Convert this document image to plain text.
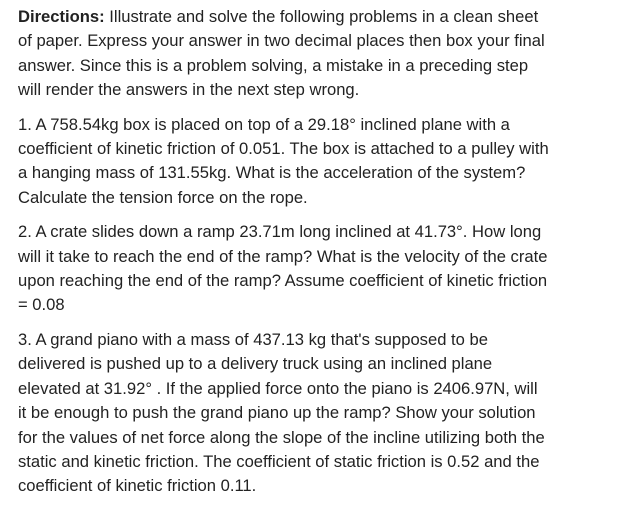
Directions: Illustrate and solve the following problems in a clean sheet
of paper. Express your answer in two decimal places then box your final
answer. Since this is a problem solving, a mistake in a preceding step
will render the answers in the next step wrong.

1. A 758.54kg box is placed on top of a 29.18° inclined plane with a
coefficient of kinetic friction of 0.051. The box is attached to a pulley with
a hanging mass of 131.55kg. What is the acceleration of the system?
Calculate the tension force on the rope.

2. A crate slides down a ramp 23.71m long inclined at 41.73°. How long
will it take to reach the end of the ramp? What is the velocity of the crate
upon reaching the end of the ramp? Assume coefficient of kinetic friction
= 0.08

3. A grand piano with a mass of 437.13 kg that's supposed to be
delivered is pushed up to a delivery truck using an inclined plane
elevated at 31.92° . If the applied force onto the piano is 2406.97N, will
it be enough to push the grand piano up the ramp? Show your solution
for the values of net force along the slope of the incline utilizing both the
static and kinetic friction. The coefficient of static friction is 0.52 and the
coefficient of kinetic friction 0.11.
